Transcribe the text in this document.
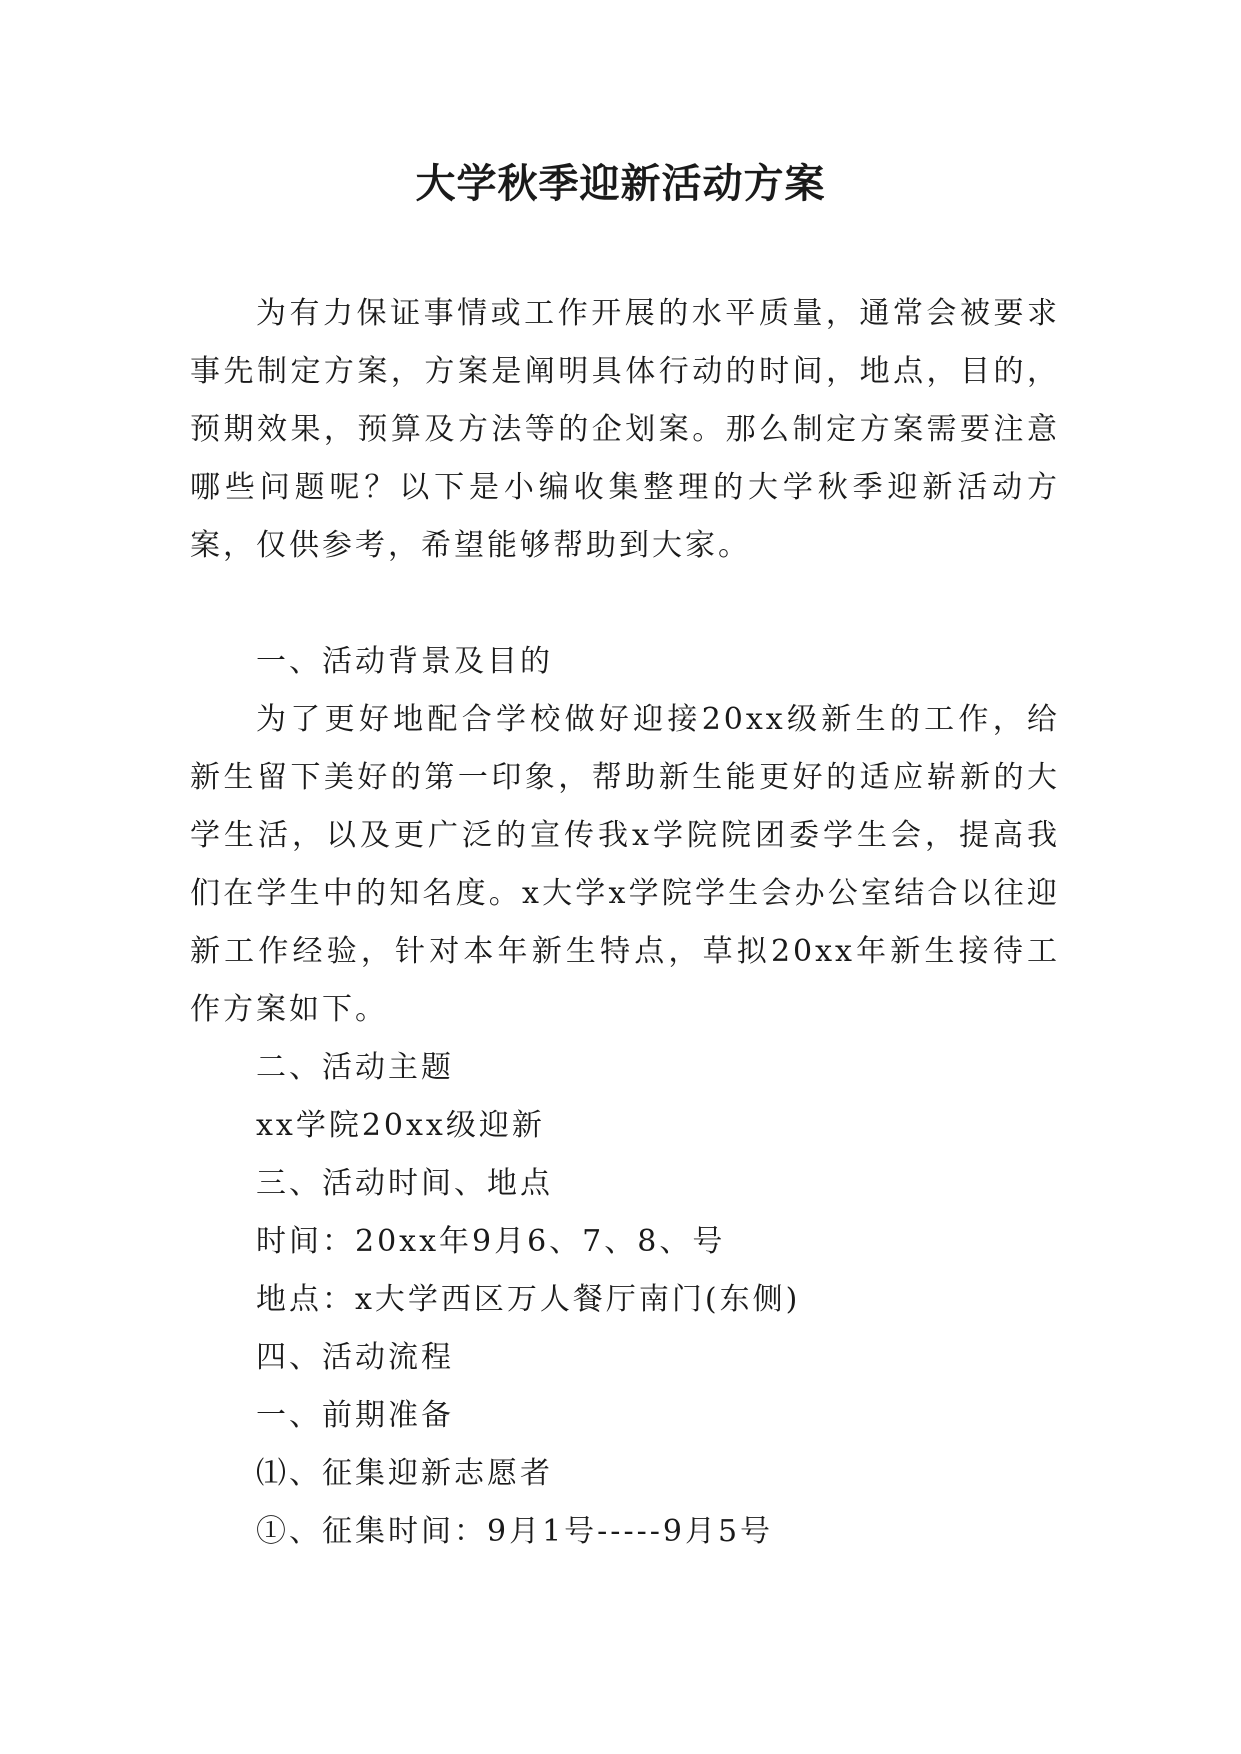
大学秋季迎新活动方案

为有力保证事情或工作开展的水平质量，通常会被要求事先制定方案，方案是阐明具体行动的时间，地点，目的，预期效果，预算及方法等的企划案。那么制定方案需要注意哪些问题呢？以下是小编收集整理的大学秋季迎新活动方案，仅供参考，希望能够帮助到大家。

一、活动背景及目的

为了更好地配合学校做好迎接20xx级新生的工作，给新生留下美好的第一印象，帮助新生能更好的适应崭新的大学生活，以及更广泛的宣传我x学院院团委学生会，提高我们在学生中的知名度。x大学x学院学生会办公室结合以往迎新工作经验，针对本年新生特点，草拟20xx年新生接待工作方案如下。

二、活动主题

xx学院20xx级迎新

三、活动时间、地点

时间：20xx年9月6、7、8、号

地点：x大学西区万人餐厅南门(东侧)

四、活动流程

一、前期准备

⑴、征集迎新志愿者

①、征集时间：9月1号-----9月5号
